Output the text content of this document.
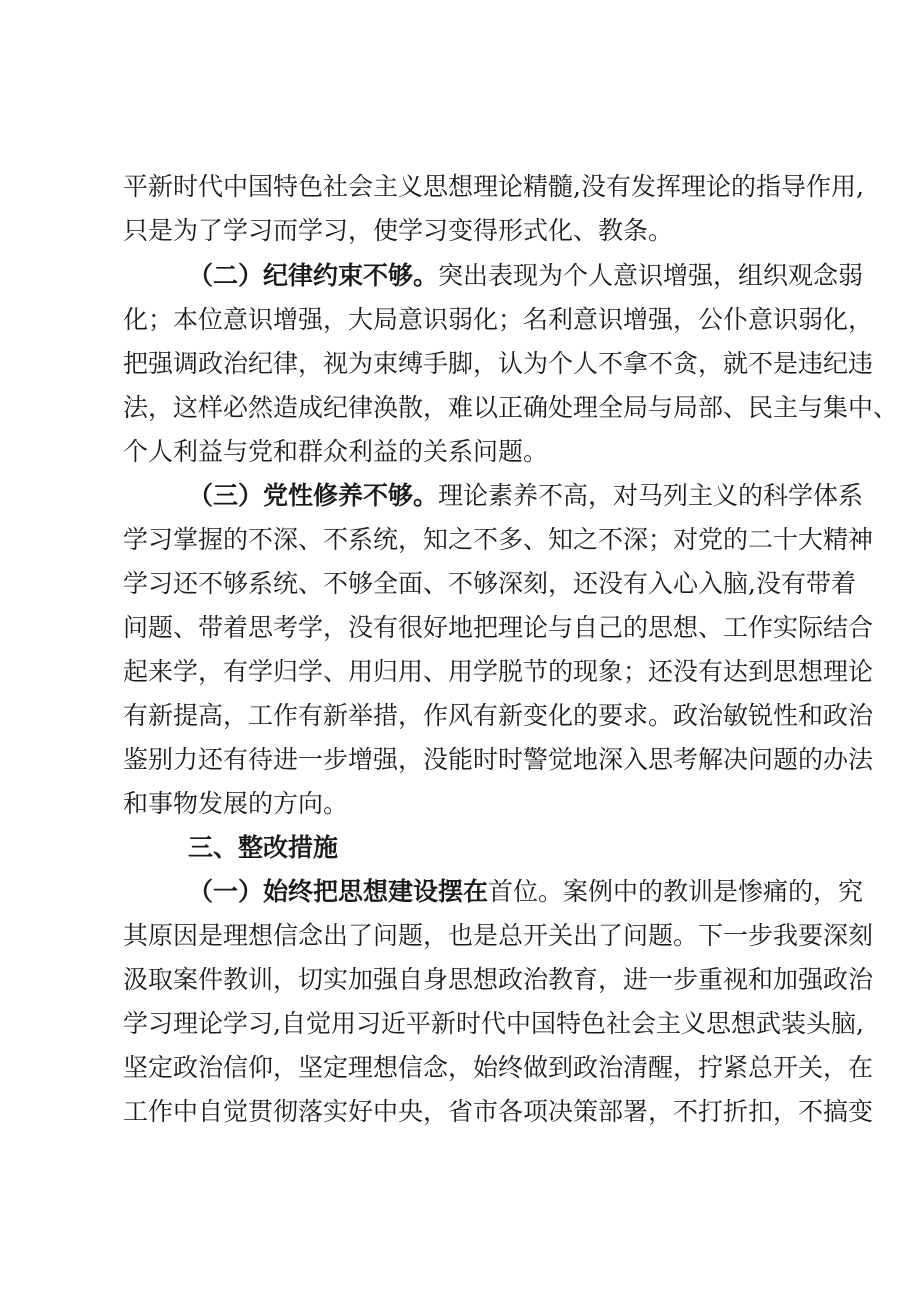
平新时代中国特色社会主义思想理论精髓,没有发挥理论的指导作用,
只是为了学习而学习，使学习变得形式化、教条。
（二）纪律约束不够。突出表现为个人意识增强，组织观念弱
化；本位意识增强，大局意识弱化；名利意识增强，公仆意识弱化，
把强调政治纪律，视为束缚手脚，认为个人不拿不贪，就不是违纪违
法，这样必然造成纪律涣散，难以正确处理全局与局部、民主与集中、
个人利益与党和群众利益的关系问题。
（三）党性修养不够。理论素养不高，对马列主义的科学体系
学习掌握的不深、不系统，知之不多、知之不深；对党的二十大精神
学习还不够系统、不够全面、不够深刻，还没有入心入脑,没有带着
问题、带着思考学，没有很好地把理论与自己的思想、工作实际结合
起来学，有学归学、用归用、用学脱节的现象；还没有达到思想理论
有新提高，工作有新举措，作风有新变化的要求。政治敏锐性和政治
鉴别力还有待进一步增强，没能时时警觉地深入思考解决问题的办法
和事物发展的方向。
三、整改措施
（一）始终把思想建设摆在首位。案例中的教训是惨痛的，究
其原因是理想信念出了问题，也是总开关出了问题。下一步我要深刻
汲取案件教训，切实加强自身思想政治教育，进一步重视和加强政治
学习理论学习,自觉用习近平新时代中国特色社会主义思想武装头脑,
坚定政治信仰，坚定理想信念，始终做到政治清醒，拧紧总开关，在
工作中自觉贯彻落实好中央，省市各项决策部署，不打折扣，不搞变
